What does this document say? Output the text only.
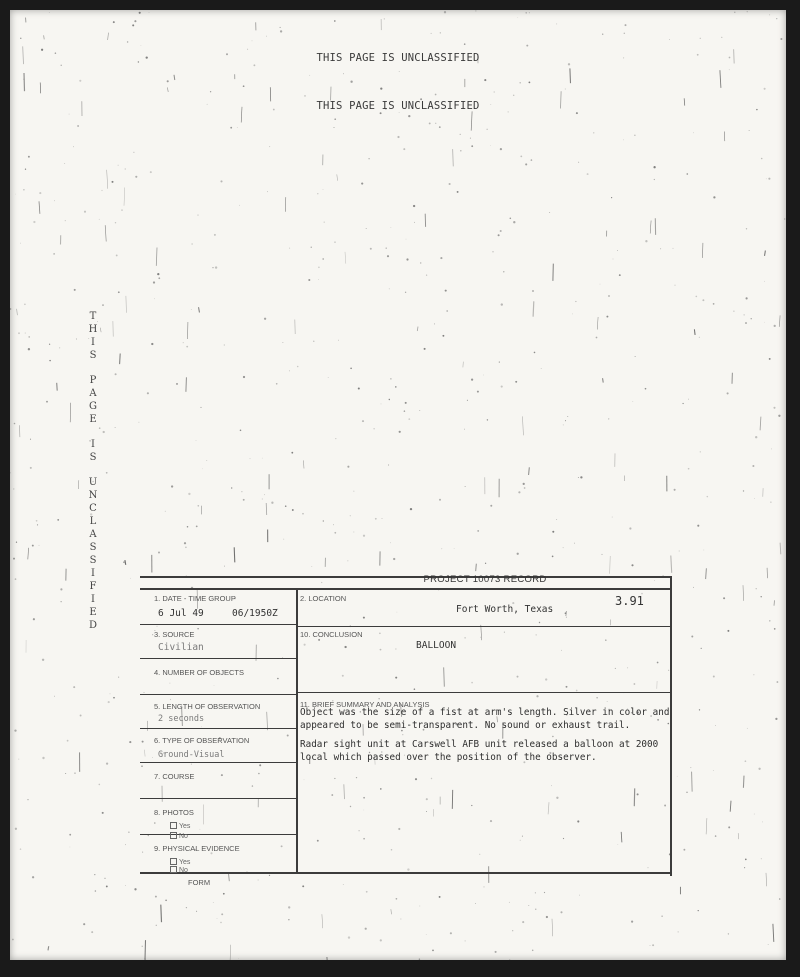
THIS PAGE IS UNCLASSIFIED
THIS PAGE IS UNCLASSIFIED
T
H
I
S
P
A
G
E
I
S
U
N
C
L
A
S
S
I
F
I
E
D
PROJECT 10073 RECORD
3.91
1. DATE - TIME GROUP
6 Jul 49	06/1950Z
2. LOCATION
Fort Worth, Texas
3. SOURCE
Civilian
10. CONCLUSION
BALLOON
4. NUMBER OF OBJECTS
5. LENGTH OF OBSERVATION
2 seconds
11. BRIEF SUMMARY AND ANALYSIS
6. TYPE OF OBSERVATION
Ground-Visual
7. COURSE
8. PHOTOS
Yes
No
9. PHYSICAL EVIDENCE
Yes
No

Object was the size of a fist at arm's length. Silver in color and appeared to be semi-transparent. No sound or exhaust trail.

Radar sight unit at Carswell AFB unit released a balloon at 2000 local which passed over the position of the observer.

FORM
